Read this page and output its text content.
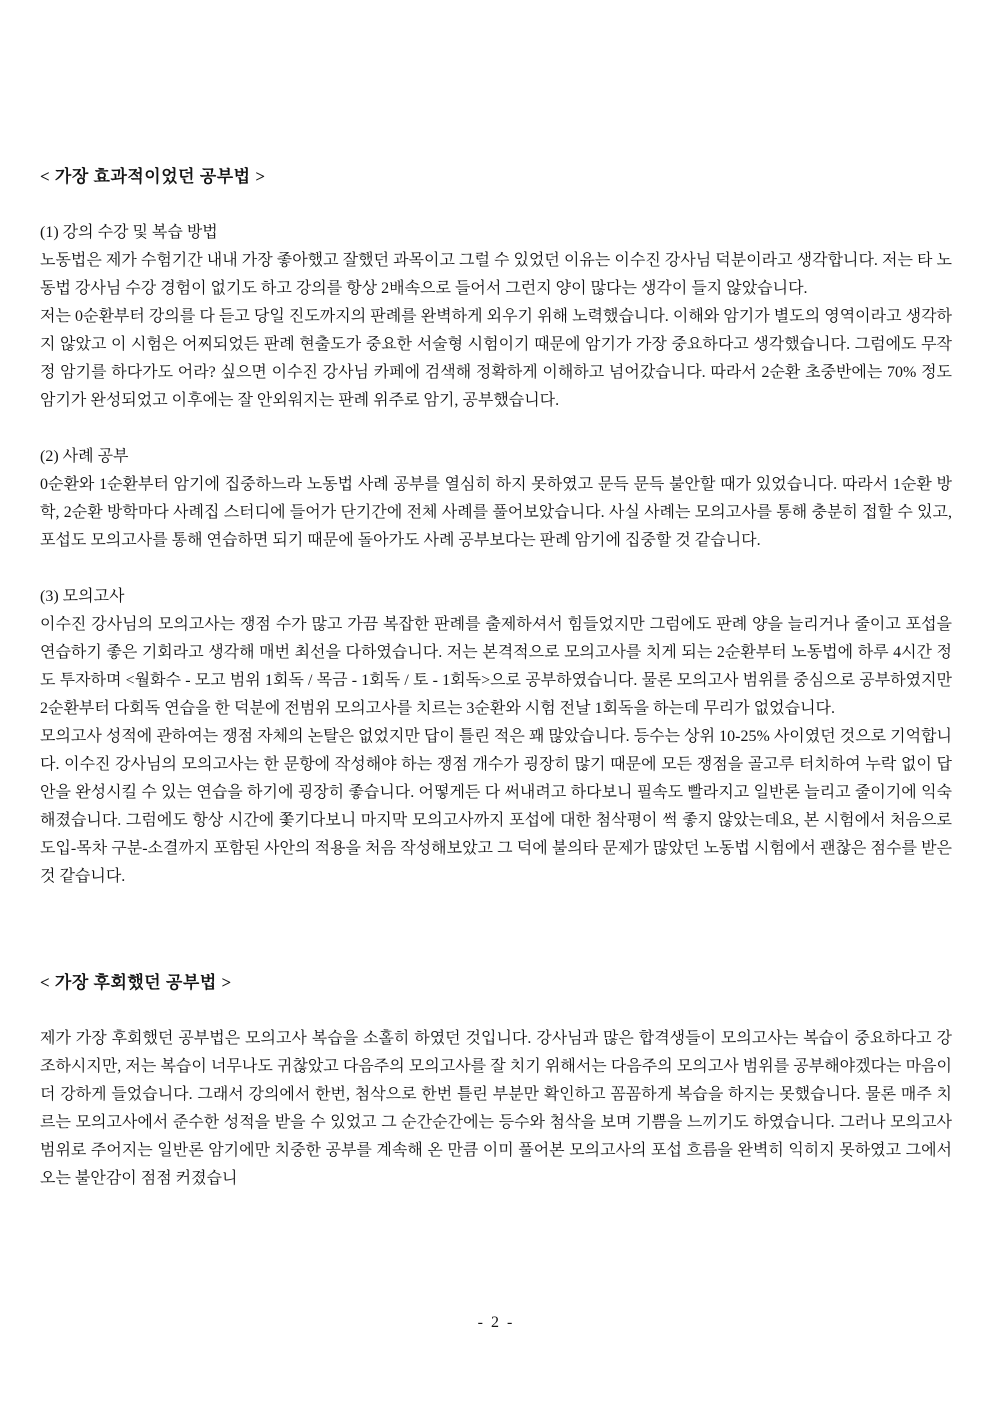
< 가장 효과적이었던 공부법 >

(1) 강의 수강 및 복습 방법

노동법은 제가 수험기간 내내 가장 좋아했고 잘했던 과목이고 그럴 수 있었던 이유는 이수진 강사님 덕분이라고 생각합니다. 저는 타 노동법 강사님 수강 경험이 없기도 하고 강의를 항상 2배속으로 들어서 그런지 양이 많다는 생각이 들지 않았습니다.

저는 0순환부터 강의를 다 듣고 당일 진도까지의 판례를 완벽하게 외우기 위해 노력했습니다. 이해와 암기가 별도의 영역이라고 생각하지 않았고 이 시험은 어찌되었든 판례 현출도가 중요한 서술형 시험이기 때문에 암기가 가장 중요하다고 생각했습니다. 그럼에도 무작정 암기를 하다가도 어라? 싶으면 이수진 강사님 카페에 검색해 정확하게 이해하고 넘어갔습니다. 따라서 2순환 초중반에는 70% 정도 암기가 완성되었고 이후에는 잘 안외워지는 판례 위주로 암기, 공부했습니다.

(2) 사례 공부

0순환와 1순환부터 암기에 집중하느라 노동법 사례 공부를 열심히 하지 못하였고 문득 문득 불안할 때가 있었습니다. 따라서 1순환 방학, 2순환 방학마다 사례집 스터디에 들어가 단기간에 전체 사례를 풀어보았습니다. 사실 사례는 모의고사를 통해 충분히 접할 수 있고, 포섭도 모의고사를 통해 연습하면 되기 때문에 돌아가도 사례 공부보다는 판례 암기에 집중할 것 같습니다.

(3) 모의고사

이수진 강사님의 모의고사는 쟁점 수가 많고 가끔 복잡한 판례를 출제하셔서 힘들었지만 그럼에도 판례 양을 늘리거나 줄이고 포섭을 연습하기 좋은 기회라고 생각해 매번 최선을 다하였습니다. 저는 본격적으로 모의고사를 치게 되는 2순환부터 노동법에 하루 4시간 정도 투자하며 <월화수 - 모고 범위 1회독 / 목금 - 1회독 / 토 - 1회독>으로 공부하였습니다. 물론 모의고사 범위를 중심으로 공부하였지만 2순환부터 다회독 연습을 한 덕분에 전범위 모의고사를 치르는 3순환와 시험 전날 1회독을 하는데 무리가 없었습니다.

모의고사 성적에 관하여는 쟁점 자체의 논탈은 없었지만 답이 틀린 적은 꽤 많았습니다. 등수는 상위 10-25% 사이였던 것으로 기억합니다. 이수진 강사님의 모의고사는 한 문항에 작성해야 하는 쟁점 개수가 굉장히 많기 때문에 모든 쟁점을 골고루 터치하여 누락 없이 답안을 완성시킬 수 있는 연습을 하기에 굉장히 좋습니다. 어떻게든 다 써내려고 하다보니 필속도 빨라지고 일반론 늘리고 줄이기에 익숙해졌습니다. 그럼에도 항상 시간에 쫓기다보니 마지막 모의고사까지 포섭에 대한 첨삭평이 썩 좋지 않았는데요, 본 시험에서 처음으로 도입-목차 구분-소결까지 포함된 사안의 적용을 처음 작성해보았고 그 덕에 불의타 문제가 많았던 노동법 시험에서 괜찮은 점수를 받은 것 같습니다.

< 가장 후회했던 공부법 >

제가 가장 후회했던 공부법은 모의고사 복습을 소홀히 하였던 것입니다. 강사님과 많은 합격생들이 모의고사는 복습이 중요하다고 강조하시지만, 저는 복습이 너무나도 귀찮았고 다음주의 모의고사를 잘 치기 위해서는 다음주의 모의고사 범위를 공부해야겠다는 마음이 더 강하게 들었습니다. 그래서 강의에서 한번, 첨삭으로 한번 틀린 부분만 확인하고 꼼꼼하게 복습을 하지는 못했습니다. 물론 매주 치르는 모의고사에서 준수한 성적을 받을 수 있었고 그 순간순간에는 등수와 첨삭을 보며 기쁨을 느끼기도 하였습니다. 그러나 모의고사 범위로 주어지는 일반론 암기에만 치중한 공부를 계속해 온 만큼 이미 풀어본 모의고사의 포섭 흐름을 완벽히 익히지 못하였고 그에서 오는 불안감이 점점 커졌습니

- 2 -
